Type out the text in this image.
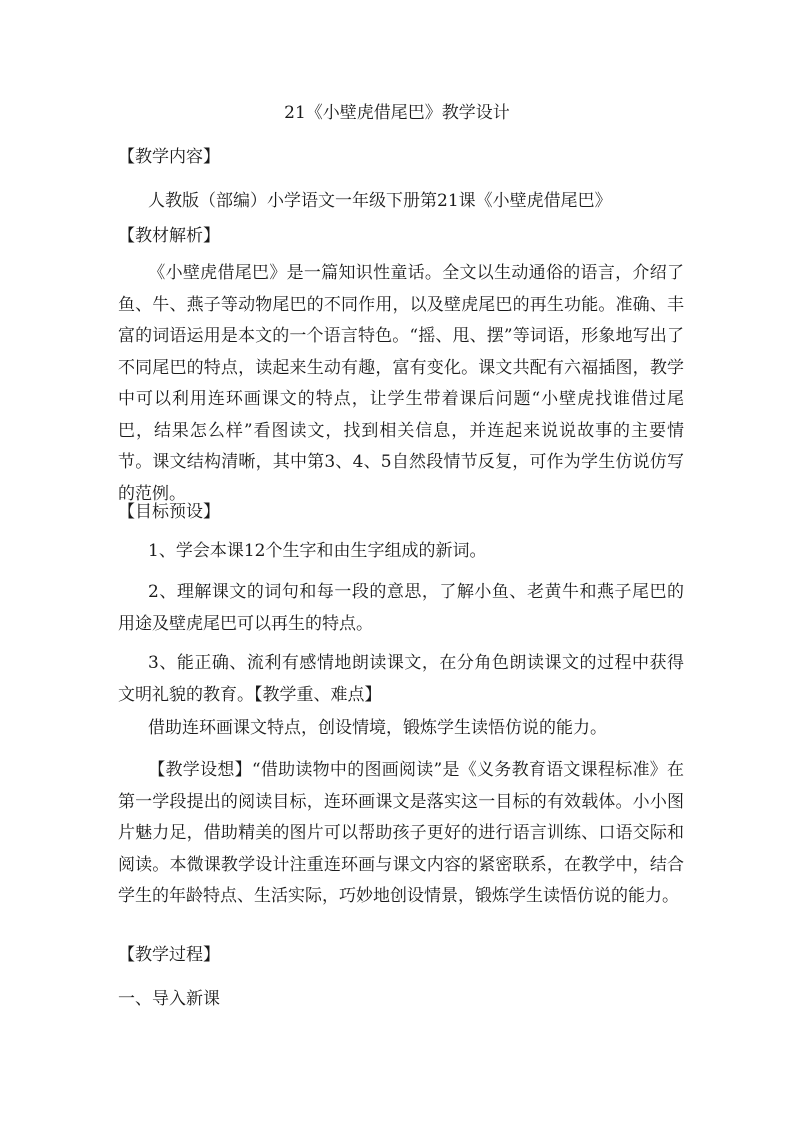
21《小壁虎借尾巴》教学设计
【教学内容】
人教版（部编）小学语文一年级下册第21课《小壁虎借尾巴》
【教材解析】
《小壁虎借尾巴》是一篇知识性童话。全文以生动通俗的语言，介绍了鱼、牛、燕子等动物尾巴的不同作用，以及壁虎尾巴的再生功能。准确、丰富的词语运用是本文的一个语言特色。“摇、甩、摆”等词语，形象地写出了不同尾巴的特点，读起来生动有趣，富有变化。课文共配有六福插图，教学中可以利用连环画课文的特点，让学生带着课后问题“小壁虎找谁借过尾巴，结果怎么样”看图读文，找到相关信息，并连起来说说故事的主要情节。课文结构清晰，其中第3、4、5自然段情节反复，可作为学生仿说仿写的范例。
【目标预设】
1、学会本课12个生字和由生字组成的新词。
2、理解课文的词句和每一段的意思，了解小鱼、老黄牛和燕子尾巴的用途及壁虎尾巴可以再生的特点。
3、能正确、流利有感情地朗读课文，在分角色朗读课文的过程中获得文明礼貌的教育。【教学重、难点】
借助连环画课文特点，创设情境，锻炼学生读悟仿说的能力。
【教学设想】“借助读物中的图画阅读”是《义务教育语文课程标准》在第一学段提出的阅读目标，连环画课文是落实这一目标的有效载体。小小图片魅力足，借助精美的图片可以帮助孩子更好的进行语言训练、口语交际和阅读。本微课教学设计注重连环画与课文内容的紧密联系，在教学中，结合学生的年龄特点、生活实际，巧妙地创设情景，锻炼学生读悟仿说的能力。
【教学过程】
一、导入新课
